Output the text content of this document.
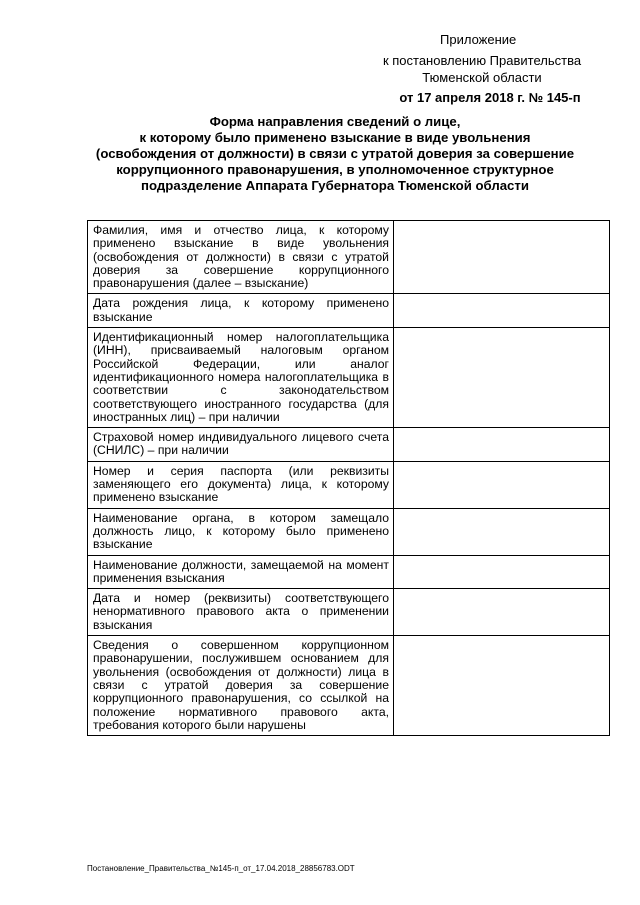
Приложение
к постановлению Правительства
Тюменской области
от 17 апреля 2018 г. № 145-п
Форма направления сведений о лице,
к которому было применено взыскание в виде увольнения
(освобождения от должности) в связи с утратой доверия за совершение
коррупционного правонарушения, в уполномоченное структурное
подразделение Аппарата Губернатора Тюменской области
Фамилия, имя и отчество лица, к которому применено взыскание в виде увольнения (освобождения от должности) в связи с утратой доверия за совершение коррупционного правонарушения (далее – взыскание)	
Дата рождения лица, к которому применено взыскание	
Идентификационный номер налогоплательщика (ИНН), присваиваемый налоговым органом Российской Федерации, или аналог идентификационного номера налогоплательщика в соответствии с законодательством соответствующего иностранного государства (для иностранных лиц) – при наличии	
Страховой номер индивидуального лицевого счета (СНИЛС) – при наличии	
Номер и серия паспорта (или реквизиты заменяющего его документа) лица, к которому применено взыскание	
Наименование органа, в котором замещало должность лицо, к которому было применено взыскание	
Наименование должности, замещаемой на момент применения взыскания	
Дата и номер (реквизиты) соответствующего ненормативного правового акта о применении взыскания	
Сведения о совершенном коррупционном правонарушении, послужившем основанием для увольнения (освобождения от должности) лица в связи с утратой доверия за совершение коррупционного правонарушения, со ссылкой на положение нормативного правового акта, требования которого были нарушены	
Постановление_Правительства_№145-п_от_17.04.2018_28856783.ODT
